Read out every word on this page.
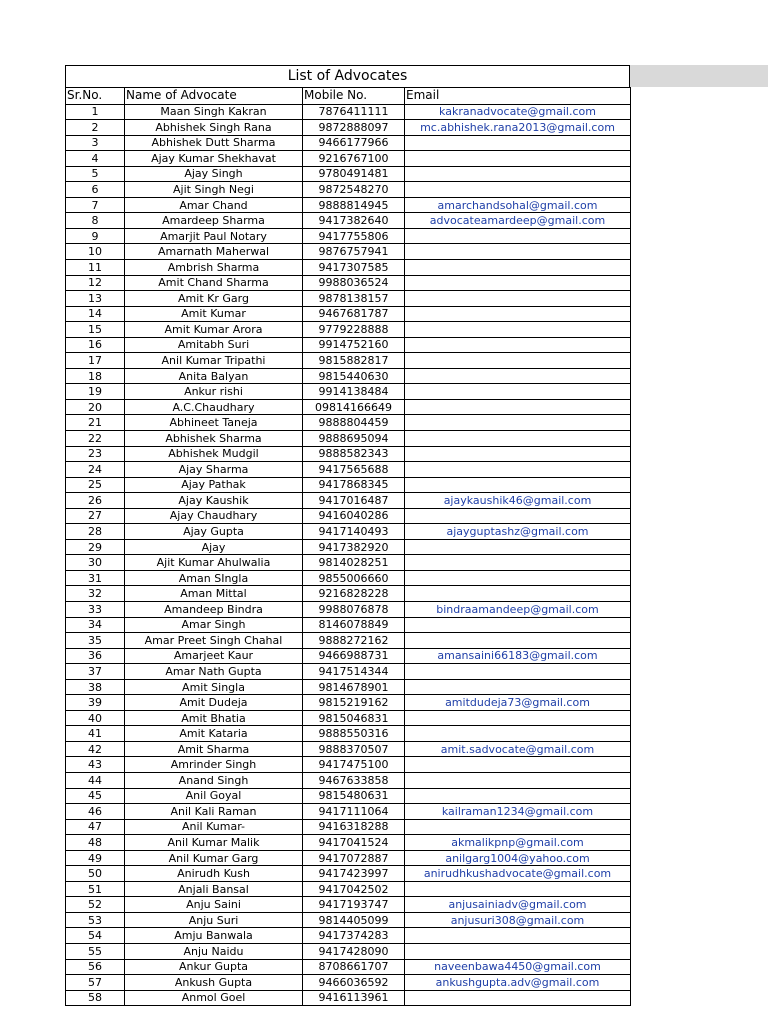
List of Advocates
Sr.No.	Name of Advocate	Mobile No.	Email
1	Maan Singh Kakran	7876411111	kakranadvocate@gmail.com
2	Abhishek Singh Rana	9872888097	mc.abhishek.rana2013@gmail.com
3	Abhishek Dutt Sharma	9466177966	
4	Ajay Kumar Shekhavat	9216767100	
5	Ajay Singh	9780491481	
6	Ajit Singh Negi	9872548270	
7	Amar Chand	9888814945	amarchandsohal@gmail.com
8	Amardeep Sharma	9417382640	advocateamardeep@gmail.com
9	Amarjit Paul Notary	9417755806	
10	Amarnath Maherwal	9876757941	
11	Ambrish Sharma	9417307585	
12	Amit Chand Sharma	9988036524	
13	Amit Kr Garg	9878138157	
14	Amit Kumar	9467681787	
15	Amit Kumar Arora	9779228888	
16	Amitabh Suri	9914752160	
17	Anil Kumar Tripathi	9815882817	
18	Anita Balyan	9815440630	
19	Ankur rishi	9914138484	
20	A.C.Chaudhary	09814166649	
21	Abhineet Taneja	9888804459	
22	Abhishek Sharma	9888695094	
23	Abhishek Mudgil	9888582343	
24	Ajay Sharma	9417565688	
25	Ajay Pathak	9417868345	
26	Ajay Kaushik	9417016487	ajaykaushik46@gmail.com
27	Ajay Chaudhary	9416040286	
28	Ajay Gupta	9417140493	ajayguptashz@gmail.com
29	Ajay	9417382920	
30	Ajit Kumar Ahulwalia	9814028251	
31	Aman SIngla	9855006660	
32	Aman Mittal	9216828228	
33	Amandeep Bindra	9988076878	bindraamandeep@gmail.com
34	Amar Singh	8146078849	
35	Amar Preet Singh Chahal	9888272162	
36	Amarjeet Kaur	9466988731	amansaini66183@gmail.com
37	Amar Nath Gupta	9417514344	
38	Amit Singla	9814678901	
39	Amit Dudeja	9815219162	amitdudeja73@gmail.com
40	Amit Bhatia	9815046831	
41	Amit Kataria	9888550316	
42	Amit Sharma	9888370507	amit.sadvocate@gmail.com
43	Amrinder Singh	9417475100	
44	Anand Singh	9467633858	
45	Anil Goyal	9815480631	
46	Anil Kali Raman	9417111064	kailraman1234@gmail.com
47	Anil Kumar-	9416318288	
48	Anil Kumar Malik	9417041524	akmalikpnp@gmail.com
49	Anil Kumar Garg	9417072887	anilgarg1004@yahoo.com
50	Anirudh Kush	9417423997	anirudhkushadvocate@gmail.com
51	Anjali Bansal	9417042502	
52	Anju Saini	9417193747	anjusainiadv@gmail.com
53	Anju Suri	9814405099	anjusuri308@gmail.com
54	Amju Banwala	9417374283	
55	Anju Naidu	9417428090	
56	Ankur Gupta	8708661707	naveenbawa4450@gmail.com
57	Ankush Gupta	9466036592	ankushgupta.adv@gmail.com
58	Anmol Goel	9416113961	
